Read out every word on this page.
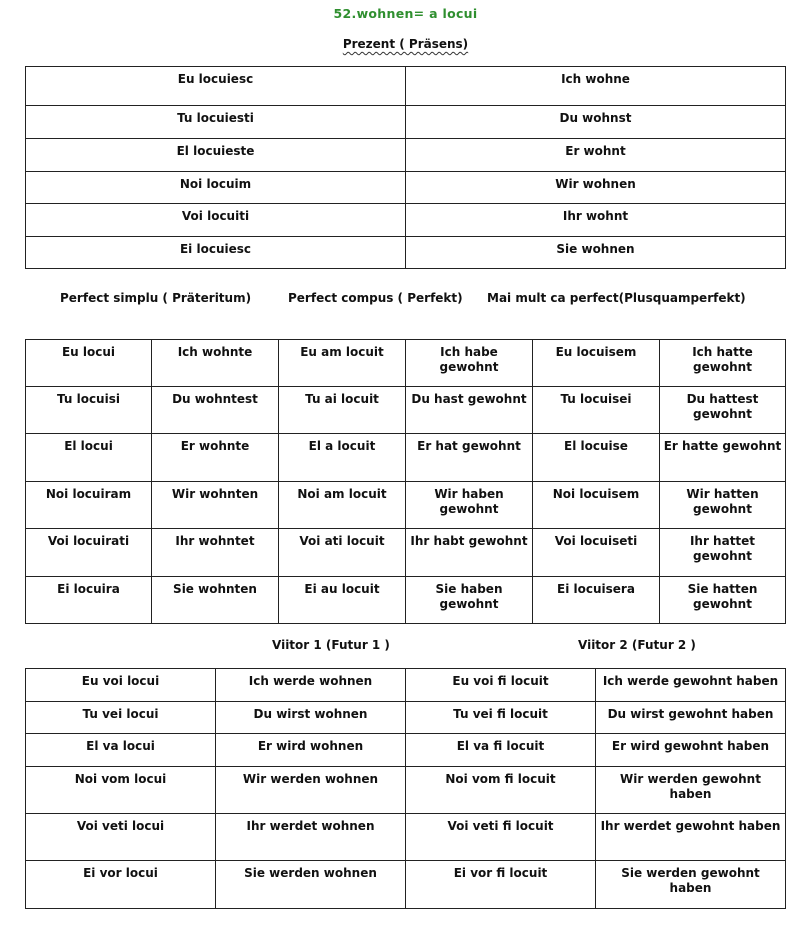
52.wohnen= a locui
Prezent ( Präsens)
Eu locuiesc	Ich wohne
Tu locuiesti	Du wohnst
El locuieste	Er wohnt
Noi locuim	Wir wohnen
Voi locuiti	Ihr wohnt
Ei locuiesc	Sie wohnen
Perfect simplu ( Präteritum)	Perfect compus ( Perfekt) Mai mult ca perfect(Plusquamperfekt)
Eu locui	Ich wohnte	Eu am locuit	Ich habe gewohnt	Eu locuisem	Ich hatte gewohnt
Tu locuisi	Du wohntest	Tu ai locuit	Du hast gewohnt	Tu locuisei	Du hattest gewohnt
El locui	Er wohnte	El a locuit	Er hat gewohnt	El locuise	Er hatte gewohnt
Noi locuiram	Wir wohnten	Noi am locuit	Wir haben gewohnt	Noi locuisem	Wir hatten gewohnt
Voi locuirati	Ihr wohntet	Voi ati locuit	Ihr habt gewohnt	Voi locuiseti	Ihr hattet gewohnt
Ei locuira	Sie wohnten	Ei au locuit	Sie haben gewohnt	Ei locuisera	Sie hatten gewohnt
Viitor 1 (Futur 1 )	Viitor 2 (Futur 2 )
Eu voi locui	Ich werde wohnen	Eu voi fi locuit	Ich werde gewohnt haben
Tu vei locui	Du wirst wohnen	Tu vei fi locuit	Du wirst gewohnt haben
El va locui	Er wird wohnen	El va fi locuit	Er wird gewohnt haben
Noi vom locui	Wir werden wohnen	Noi vom fi locuit	Wir werden gewohnt haben
Voi veti locui	Ihr werdet wohnen	Voi veti fi locuit	Ihr werdet gewohnt haben
Ei vor locui	Sie werden wohnen	Ei vor fi locuit	Sie werden gewohnt haben
